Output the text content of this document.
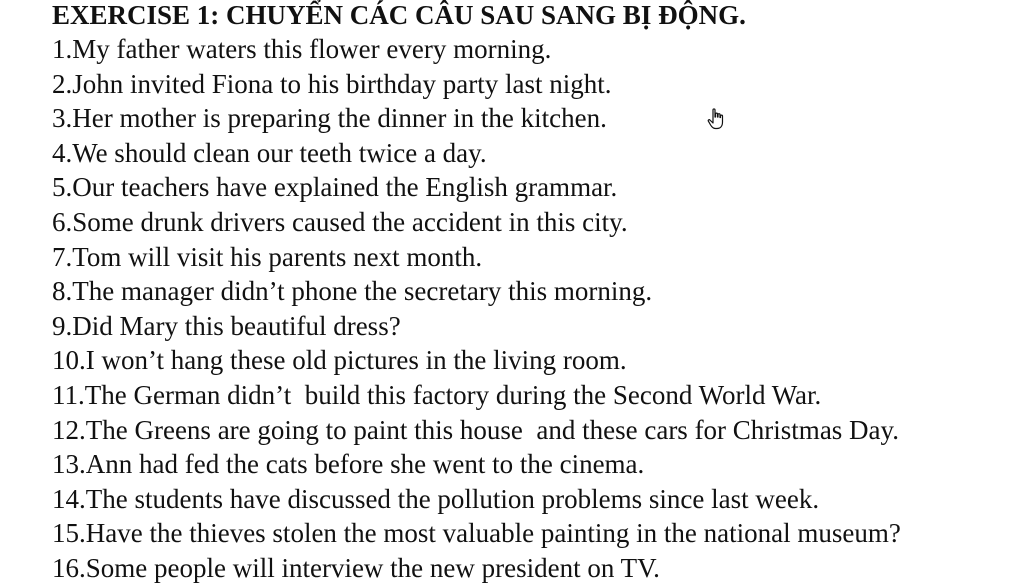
EXERCISE 1: CHUYỂN CÁC CÂU SAU SANG BỊ ĐỘNG.
1.My father waters this flower every morning.
2.John invited Fiona to his birthday party last night.
3.Her mother is preparing the dinner in the kitchen.
4.We should clean our teeth twice a day.
5.Our teachers have explained the English grammar.
6.Some drunk drivers caused the accident in this city.
7.Tom will visit his parents next month.
8.The manager didn’t phone the secretary this morning.
9.Did Mary this beautiful dress?
10.I won’t hang these old pictures in the living room.
11.The German didn’t  build this factory during the Second World War.
12.The Greens are going to paint this house  and these cars for Christmas Day.
13.Ann had fed the cats before she went to the cinema.
14.The students have discussed the pollution problems since last week.
15.Have the thieves stolen the most valuable painting in the national museum?
16.Some people will interview the new president on TV.
